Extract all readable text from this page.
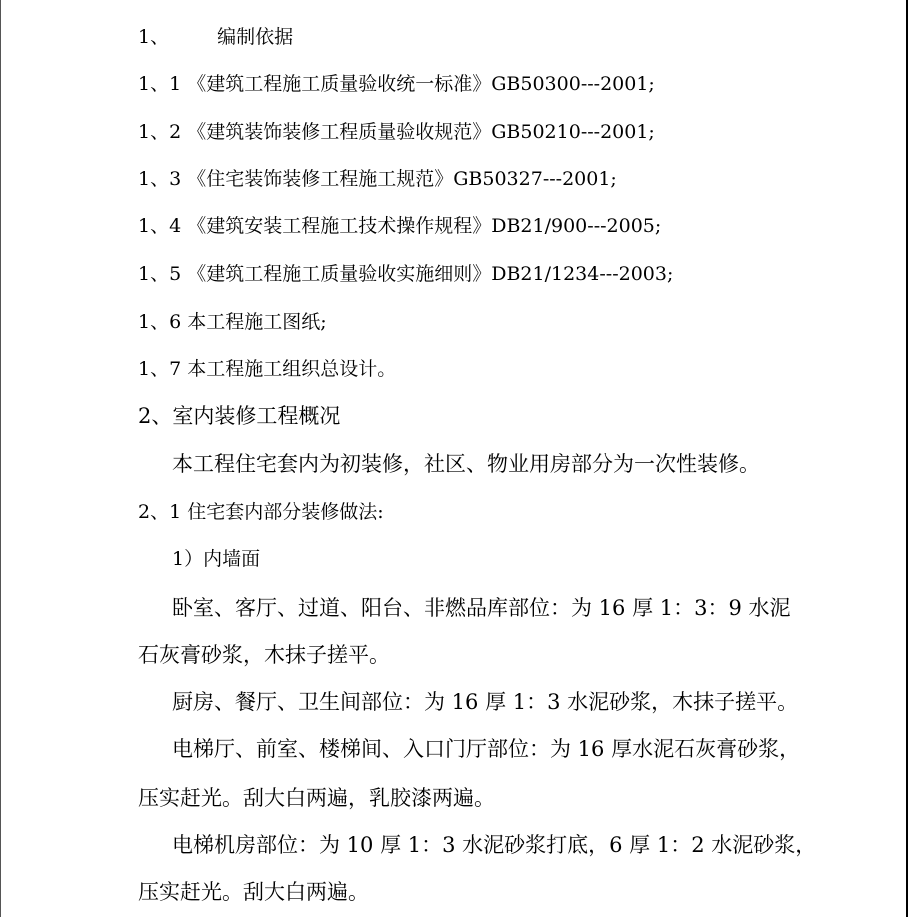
1、	编制依据
1、1 《建筑工程施工质量验收统一标准》GB50300---2001;
1、2 《建筑装饰装修工程质量验收规范》GB50210---2001;
1、3 《住宅装饰装修工程施工规范》GB50327---2001;
1、4 《建筑安装工程施工技术操作规程》DB21/900---2005;
1、5 《建筑工程施工质量验收实施细则》DB21/1234---2003;
1、6 本工程施工图纸;
1、7 本工程施工组织总设计。
2、室内装修工程概况
本工程住宅套内为初装修，社区、物业用房部分为一次性装修。
2、1 住宅套内部分装修做法:
1）内墙面
卧室、客厅、过道、阳台、非燃品库部位：为 16 厚 1：3：9 水泥
石灰膏砂浆，木抹子搓平。
厨房、餐厅、卫生间部位：为 16 厚 1：3 水泥砂浆，木抹子搓平。
电梯厅、前室、楼梯间、入口门厅部位：为 16 厚水泥石灰膏砂浆，
压实赶光。刮大白两遍，乳胶漆两遍。
电梯机房部位：为 10 厚 1：3 水泥砂浆打底，6 厚 1：2 水泥砂浆，
压实赶光。刮大白两遍。
